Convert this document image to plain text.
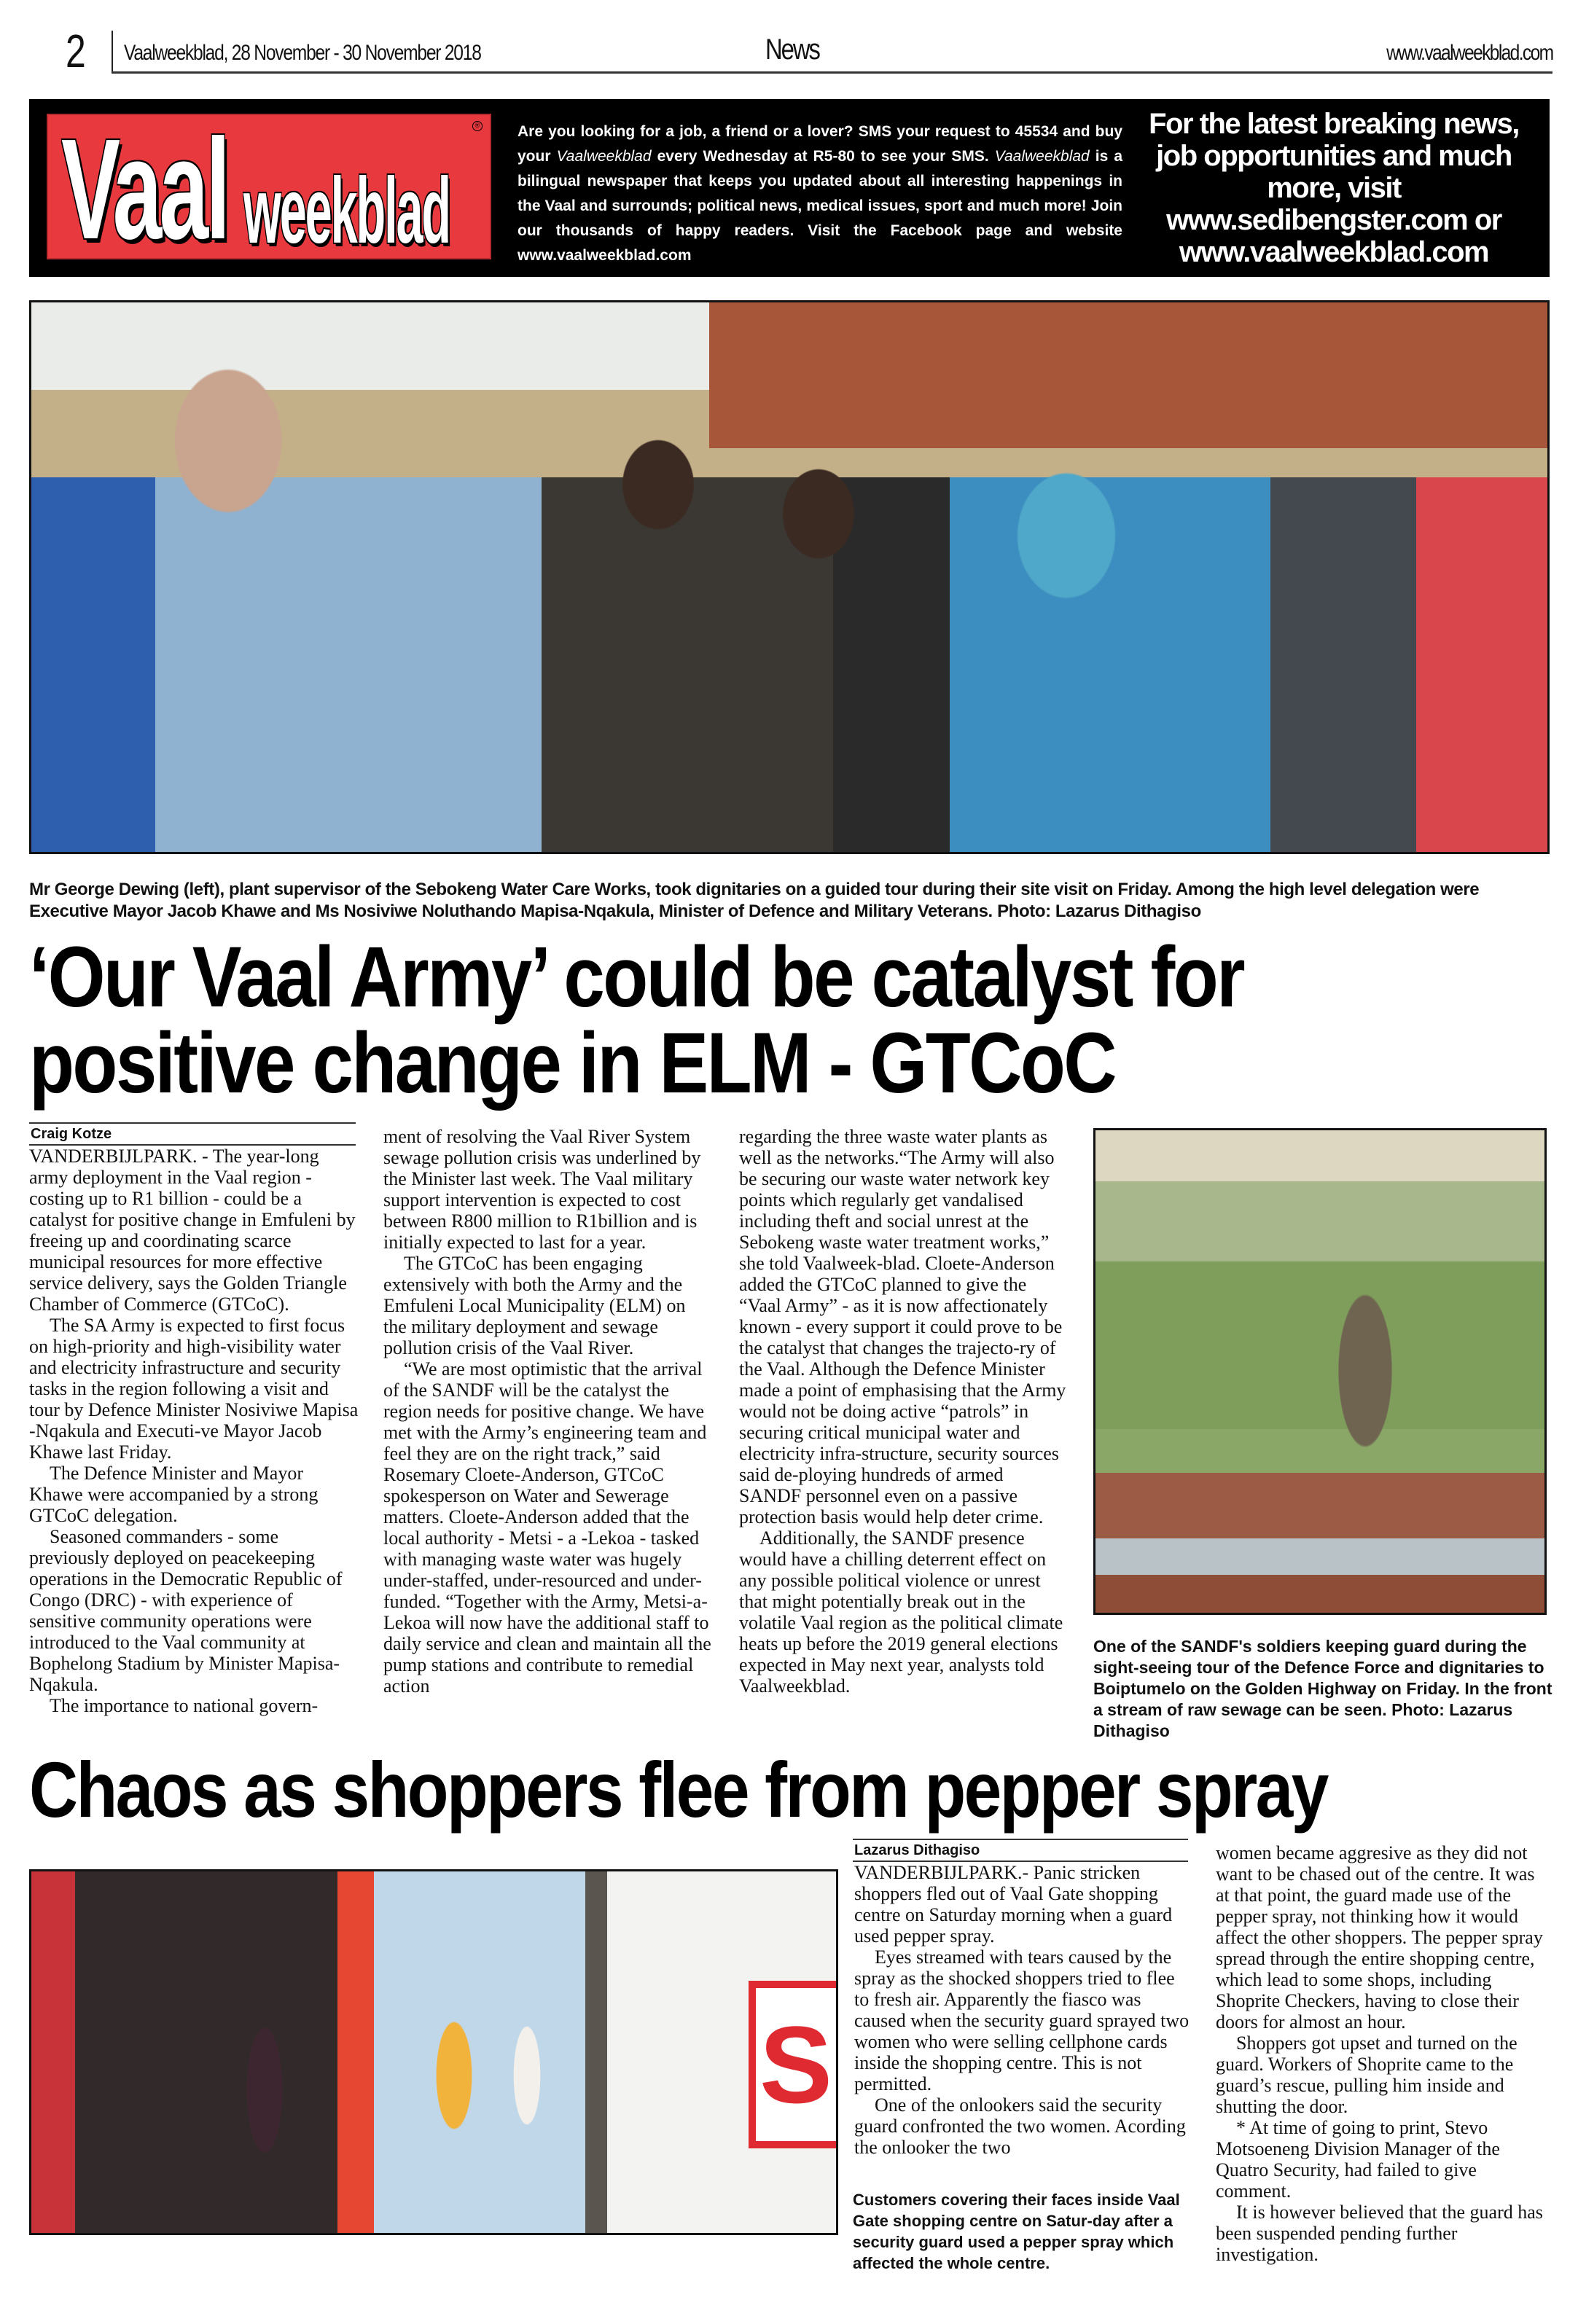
2 Vaalweekblad, 28 November - 30 November 2018	News	www.vaalweekblad.com
Vaal weekblad
® Are you looking for a job, a friend or a lover? SMS your request to 45534 and buy your Vaalweekblad every Wednesday at R5-80 to see your SMS. Vaalweekblad is a bilingual newspaper that keeps you updated about all interesting happenings in the Vaal and surrounds; political news, medical issues, sport and much more! Join our thousands of happy readers. Visit the Facebook page and website www.vaalweekblad.com

For the latest breaking news, job opportunities and much more, visit www.sedibengster.com or www.vaalweekblad.com

Mr George Dewing (left), plant supervisor of the Sebokeng Water Care Works, took dignitaries on a guided tour during their site visit on Friday. Among the high level delegation were Executive Mayor Jacob Khawe and Ms Nosiviwe Noluthando Mapisa-Nqakula, Minister of Defence and Military Veterans. Photo: Lazarus Dithagiso
‘Our Vaal Army’ could be catalyst for
positive change in ELM - GTCoC
Craig Kotze

VANDERBIJLPARK. - The year-long army deployment in the Vaal region - costing up to R1 billion - could be a catalyst for positive change in Emfuleni by freeing up and coordinating scarce municipal resources for more effective service delivery, says the Golden Triangle Chamber of Commerce (GTCoC).

The SA Army is expected to first focus on high-priority and high-visibility water and electricity infrastructure and security tasks in the region following a visit and tour by Defence Minister Nosiviwe Mapisa -Nqakula and Executi-ve Mayor Jacob Khawe last Friday.

The Defence Minister and Mayor Khawe were accompanied by a strong GTCoC delegation.

Seasoned commanders - some previously deployed on peacekeeping operations in the Democratic Republic of Congo (DRC) - with experience of sensitive community operations were introduced to the Vaal community at Bophelong Stadium by Minister Mapisa-Nqakula.

The importance to national govern-

ment of resolving the Vaal River System sewage pollution crisis was underlined by the Minister last week. The Vaal military support intervention is expected to cost between R800 million to R1billion and is initially expected to last for a year.

The GTCoC has been engaging extensively with both the Army and the Emfuleni Local Municipality (ELM) on the military deployment and sewage pollution crisis of the Vaal River.

“We are most optimistic that the arrival of the SANDF will be the catalyst the region needs for positive change. We have met with the Army’s engineering team and feel they are on the right track,” said Rosemary Cloete-Anderson, GTCoC spokesperson on Water and Sewerage matters. Cloete-Anderson added that the local authority - Metsi - a -Lekoa - tasked with managing waste water was hugely under-staffed, under-resourced and under-funded. “Together with the Army, Metsi-a-Lekoa will now have the additional staff to daily service and clean and maintain all the pump stations and contribute to remedial action

regarding the three waste water plants as well as the networks.“The Army will also be securing our waste water network key points which regularly get vandalised including theft and social unrest at the Sebokeng waste water treatment works,” she told Vaalweek-blad. Cloete-Anderson added the GTCoC planned to give the “Vaal Army” - as it is now affectionately known - every support it could prove to be the catalyst that changes the trajecto-ry of the Vaal. Although the Defence Minister made a point of emphasising that the Army would not be doing active “patrols” in securing critical municipal water and electricity infra-structure, security sources said de-ploying hundreds of armed SANDF personnel even on a passive protection basis would help deter crime.

Additionally, the SANDF presence would have a chilling deterrent effect on any possible political violence or unrest that might potentially break out in the volatile Vaal region as the political climate heats up before the 2019 general elections expected in May next year, analysts told Vaalweekblad.

One of the SANDF's soldiers keeping guard during the sight-seeing tour of the Defence Force and dignitaries to Boiptumelo on the Golden Highway on Friday. In the front a stream of raw sewage can be seen. Photo: Lazarus Dithagiso
Chaos as shoppers flee from pepper spray
S
Lazarus Dithagiso

VANDERBIJLPARK.- Panic stricken shoppers fled out of Vaal Gate shopping centre on Saturday morning when a guard used pepper spray.

Eyes streamed with tears caused by the spray as the shocked shoppers tried to flee to fresh air. Apparently the fiasco was caused when the security guard sprayed two women who were selling cellphone cards inside the shopping centre. This is not permitted.

One of the onlookers said the security guard confronted the two women. Acording the onlooker the two

Customers covering their faces inside Vaal Gate shopping centre on Satur-day after a security guard used a pepper spray which affected the whole centre.

women became aggresive as they did not want to be chased out of the centre. It was at that point, the guard made use of the pepper spray, not thinking how it would affect the other shoppers. The pepper spray spread through the entire shopping centre, which lead to some shops, including Shoprite Checkers, having to close their doors for almost an hour.

Shoppers got upset and turned on the guard. Workers of Shoprite came to the guard’s rescue, pulling him inside and shutting the door.

* At time of going to print, Stevo Motsoeneng Division Manager of the Quatro Security, had failed to give comment.

It is however believed that the guard has been suspended pending further investigation.
